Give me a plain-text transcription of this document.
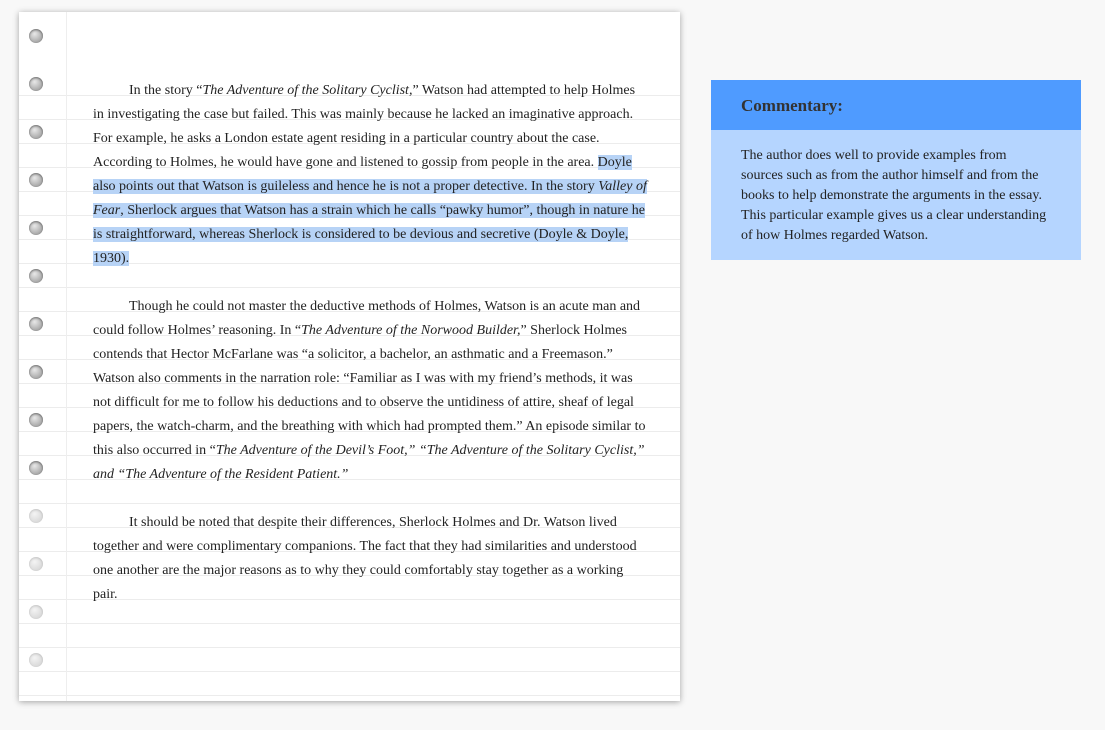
In the story “The Adventure of the Solitary Cyclist,” Watson had attempted to help Holmes in investigating the case but failed. This was mainly because he lacked an imaginative approach. For example, he asks a London estate agent residing in a particular country about the case. According to Holmes, he would have gone and listened to gossip from people in the area. Doyle also points out that Watson is guileless and hence he is not a proper detective. In the story Valley of Fear, Sherlock argues that Watson has a strain which he calls “pawky humor”, though in nature he is straightforward, whereas Sherlock is considered to be devious and secretive (Doyle & Doyle, 1930).

Though he could not master the deductive methods of Holmes, Watson is an acute man and could follow Holmes’ reasoning. In “The Adventure of the Norwood Builder,” Sherlock Holmes contends that Hector McFarlane was “a solicitor, a bachelor, an asthmatic and a Freemason.” Watson also comments in the narration role: “Familiar as I was with my friend’s methods, it was not difficult for me to follow his deductions and to observe the untidiness of attire, sheaf of legal papers, the watch-charm, and the breathing with which had prompted them.” An episode similar to this also occurred in “The Adventure of the Devil’s Foot,” “The Adventure of the Solitary Cyclist,” and “The Adventure of the Resident Patient.”

It should be noted that despite their differences, Sherlock Holmes and Dr. Watson lived together and were complimentary companions. The fact that they had similarities and understood one another are the major reasons as to why they could comfortably stay together as a working pair.

Commentary:
The author does well to provide examples from sources such as from the author himself and from the books to help demonstrate the arguments in the essay. This particular example gives us a clear understanding of how Holmes regarded Watson.
